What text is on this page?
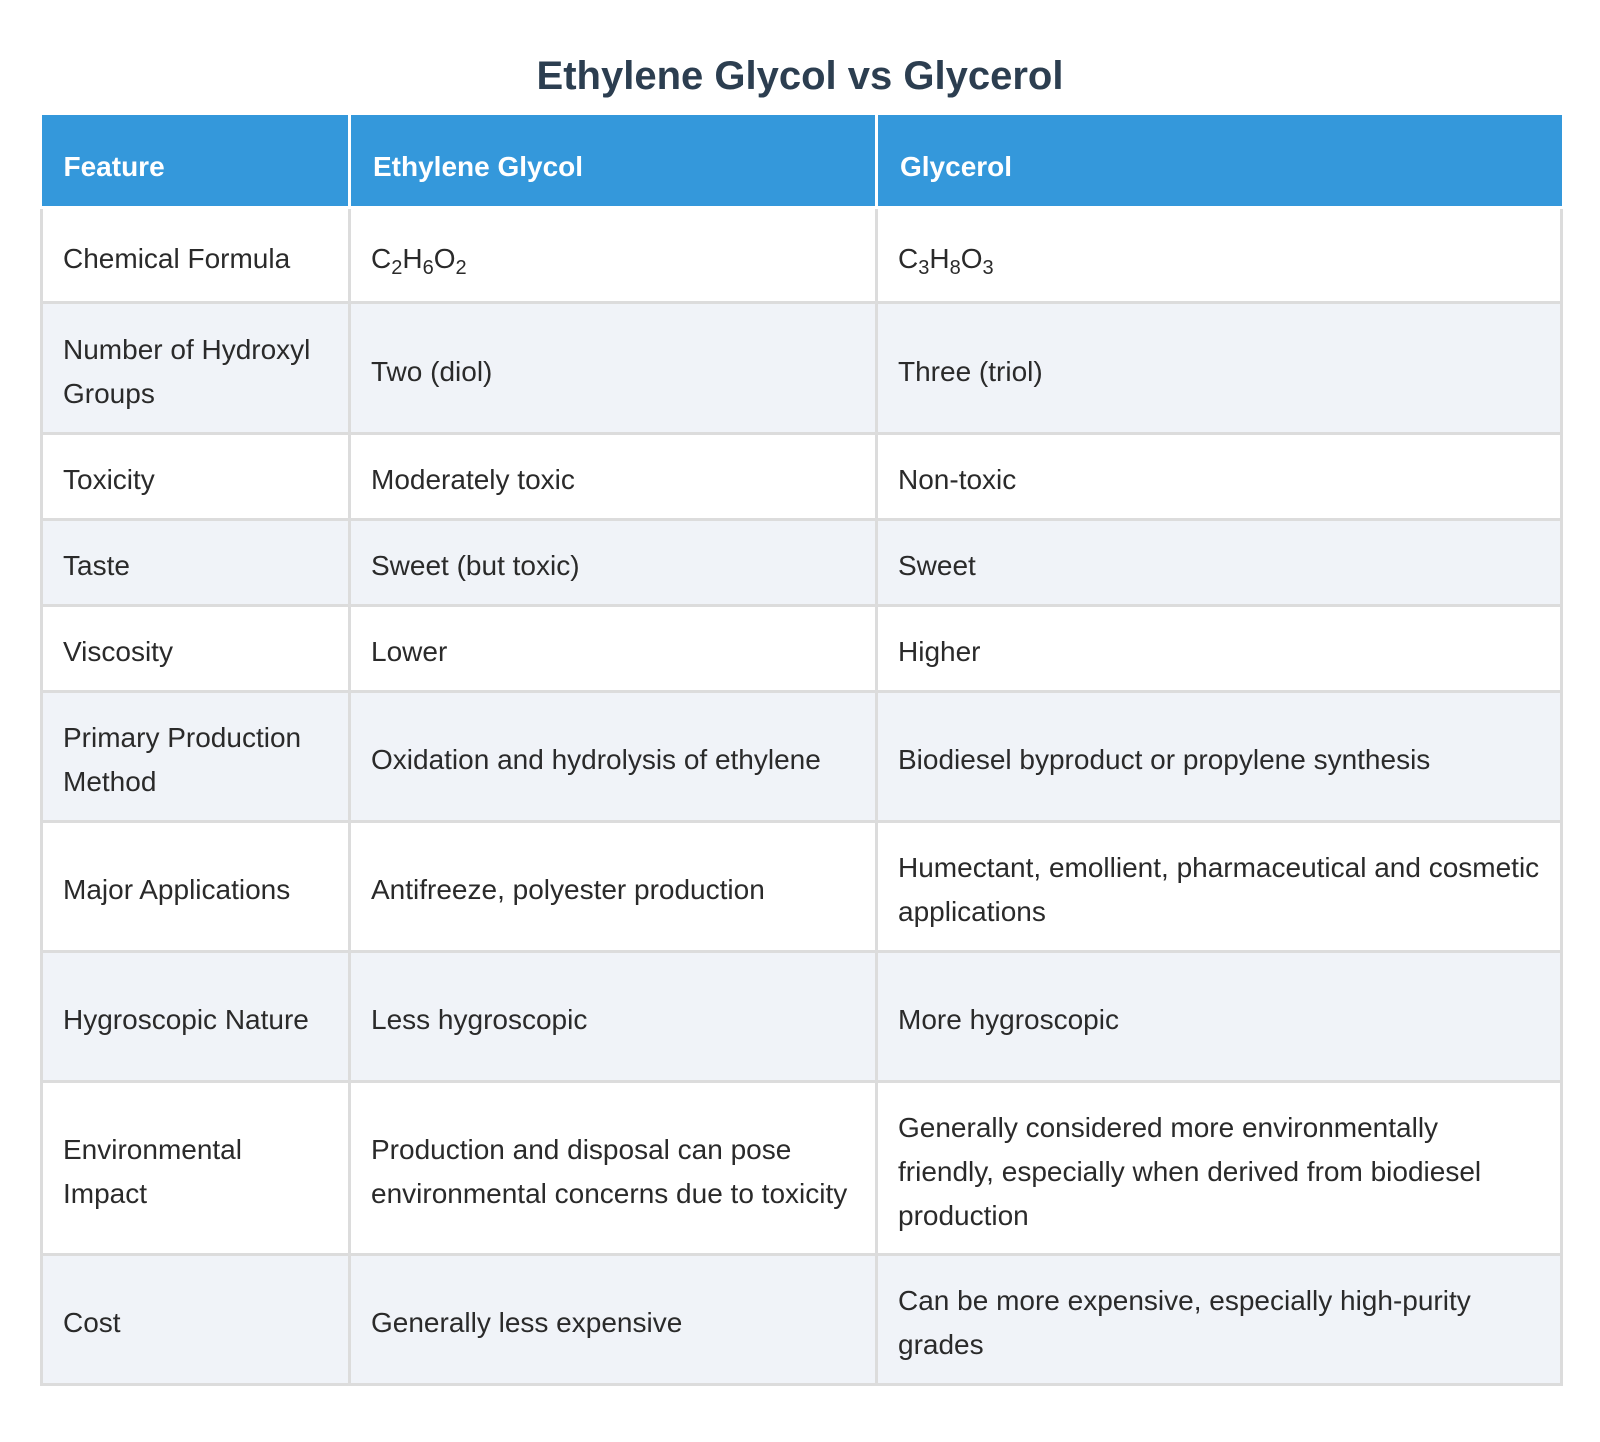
Ethylene Glycol vs Glycerol
Feature	Ethylene Glycol	Glycerol
Chemical Formula	$C_2H_6O_2$	$C_3H_8O_3$
Number of Hydroxyl Groups	Two (diol)	Three (triol)
Toxicity	Moderately toxic	Non-toxic
Taste	Sweet (but toxic)	Sweet
Viscosity	Lower	Higher
Primary Production Method	Oxidation and hydrolysis of ethylene	Biodiesel byproduct or propylene synthesis
Major Applications	Antifreeze, polyester production	Humectant, emollient, pharmaceutical and cosmetic applications
Hygroscopic Nature	Less hygroscopic	More hygroscopic
Environmental Impact	Production and disposal can pose environmental concerns due to toxicity	Generally considered more environmentally friendly, especially when derived from biodiesel production
Cost	Generally less expensive	Can be more expensive, especially high-purity grades
